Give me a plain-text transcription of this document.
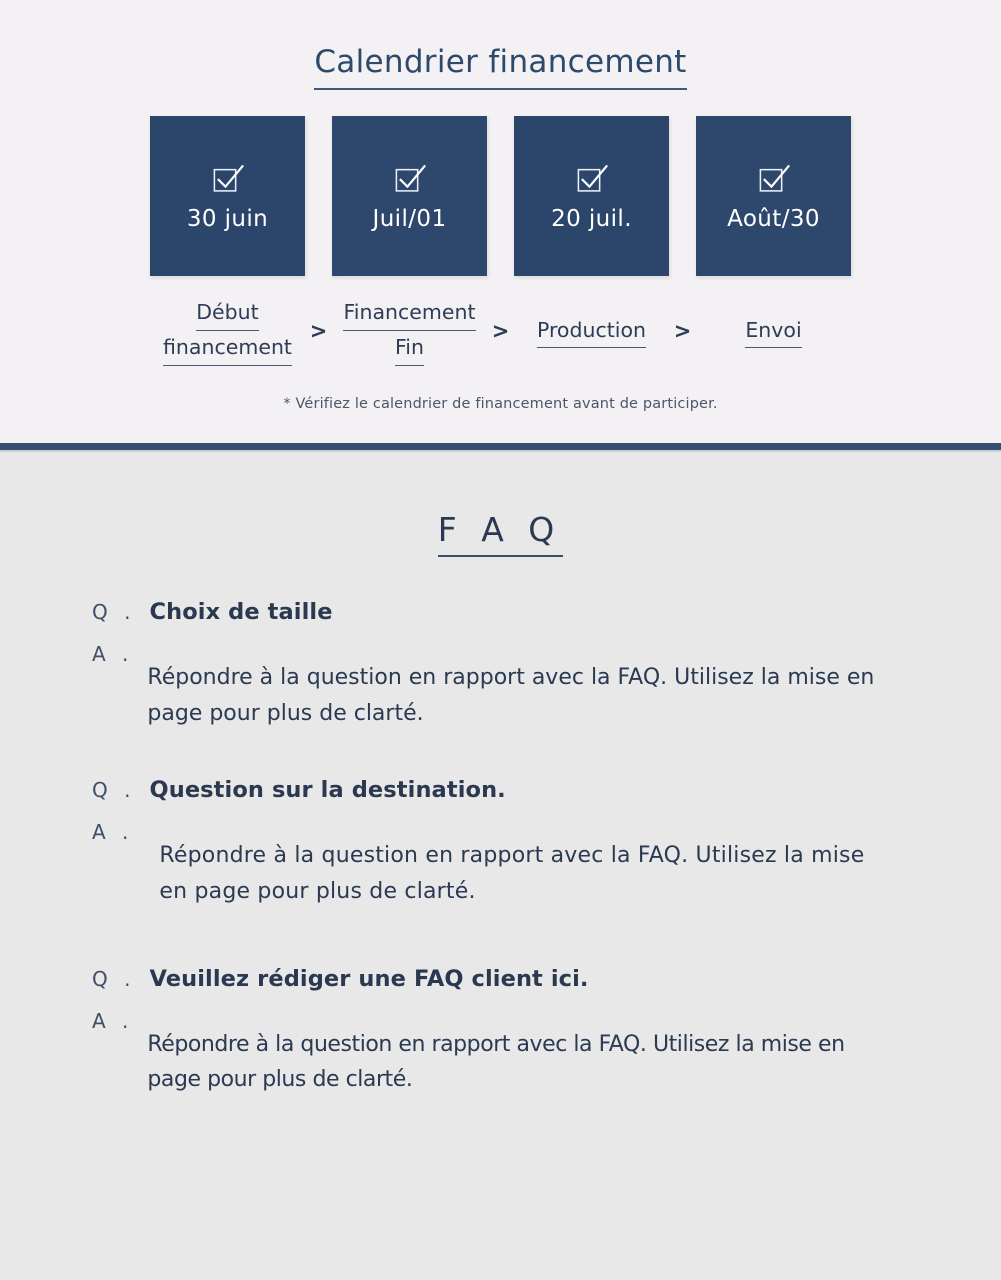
Calendrier financement
30 juin	Juil/01	20 juil.	Août/30
Début
financement
>
Financement
Fin
>	Production	>	Envoi

* Vérifiez le calendrier de financement avant de participer.

F A Q
Q . Choix de taille
A .
Répondre à la question en rapport avec la FAQ. Utilisez la mise en page pour plus de clarté.
Q . Question sur la destination.
A .
Répondre à la question en rapport avec la FAQ. Utilisez la mise en page pour plus de clarté.
Q . Veuillez rédiger une FAQ client ici.
A .
Répondre à la question en rapport avec la FAQ. Utilisez la mise en page pour plus de clarté.
